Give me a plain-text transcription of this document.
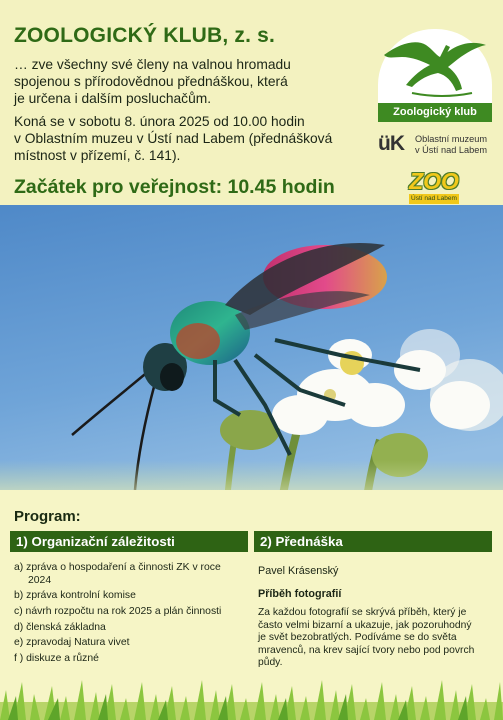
ZOOLOGICKÝ KLUB, z. s.
… zve všechny své členy na valnou hromadu
spojenou s přírodovědnou přednáškou, která
je určena i dalším posluchačům.
Koná se v sobotu 8. února 2025 od 10.00 hodin
v Oblastním muzeu v Ústí nad Labem (přednášková
místnost v přízemí, č. 141).
Začátek pro veřejnost: 10.45 hodin
Zoologický klub
üK Oblastní muzeum
v Ústí nad Labem
ZOO
Ústí nad Labem
Program:
1) Organizační záležitosti	2) Přednáška
a) zpráva o hospodaření a činnosti ZK v roce
2024
b) zpráva kontrolní komise
c) návrh rozpočtu na rok 2025 a plán činnosti
d) členská základna
e) zpravodaj Natura vivet
f ) diskuze a různé
Pavel Krásenský
Příběh fotografií
Za každou fotografií se skrývá příběh, který je
často velmi bizarní a ukazuje, jak pozoruhodný
je svět bezobratlých. Podíváme se do světa
mravenců, na krev sající tvory nebo pod povrch
půdy.
